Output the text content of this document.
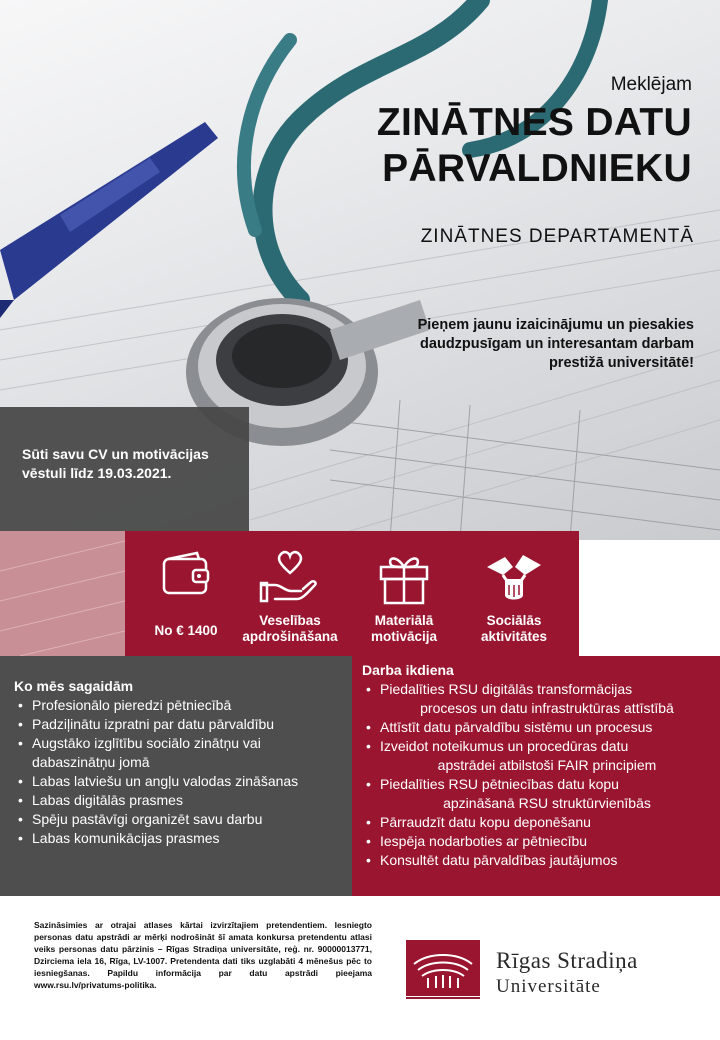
Meklējam
ZINĀTNES DATU
PĀRVALDNIEKU
ZINĀTNES DEPARTAMENTĀ
Pieņem jaunu izaicinājumu un piesakies
daudzpusīgam un interesantam darbam
prestižā universitātē!
Sūti savu CV un motivācijas
vēstuli līdz 19.03.2021.
No € 1400
Veselības
apdrošināšana
Materiālā
motivācija
Sociālās
aktivitātes
Ko mēs sagaidām
• Profesionālo pieredzi pētniecībā
• Padziļinātu izpratni par datu pārvaldību
• Augstāko izglītību sociālo zinātņu vai
dabaszinātņu jomā
• Labas latviešu un angļu valodas zināšanas
• Labas digitālās prasmes
• Spēju pastāvīgi organizēt savu darbu
• Labas komunikācijas prasmes
Darba ikdiena
• Piedalīties RSU digitālās transformācijas
procesos un datu infrastruktūras attīstībā
• Attīstīt datu pārvaldību sistēmu un procesus
• Izveidot noteikumus un procedūras datu
apstrādei atbilstoši FAIR principiem
• Piedalīties RSU pētniecības datu kopu
apzināšanā RSU struktūrvienībās
• Pārraudzīt datu kopu deponēšanu
• Iespēja nodarboties ar pētniecību
• Konsultēt datu pārvaldības jautājumos
Sazināsimies ar otrajai atlases kārtai izvirzītajiem pretendentiem. Iesniegto personas datu apstrādi ar mērķi nodrošināt šī amata konkursa pretendentu atlasi veiks personas datu pārzinis – Rīgas Stradiņa universitāte, reģ. nr. 90000013771, Dzirciema iela 16, Rīga, LV-1007. Pretendenta dati tiks uzglabāti 4 mēnešus pēc to iesniegšanas. Papildu informācija par datu apstrādi pieejama www.rsu.lv/privatums-politika.
Rīgas Stradiņa
Universitāte
